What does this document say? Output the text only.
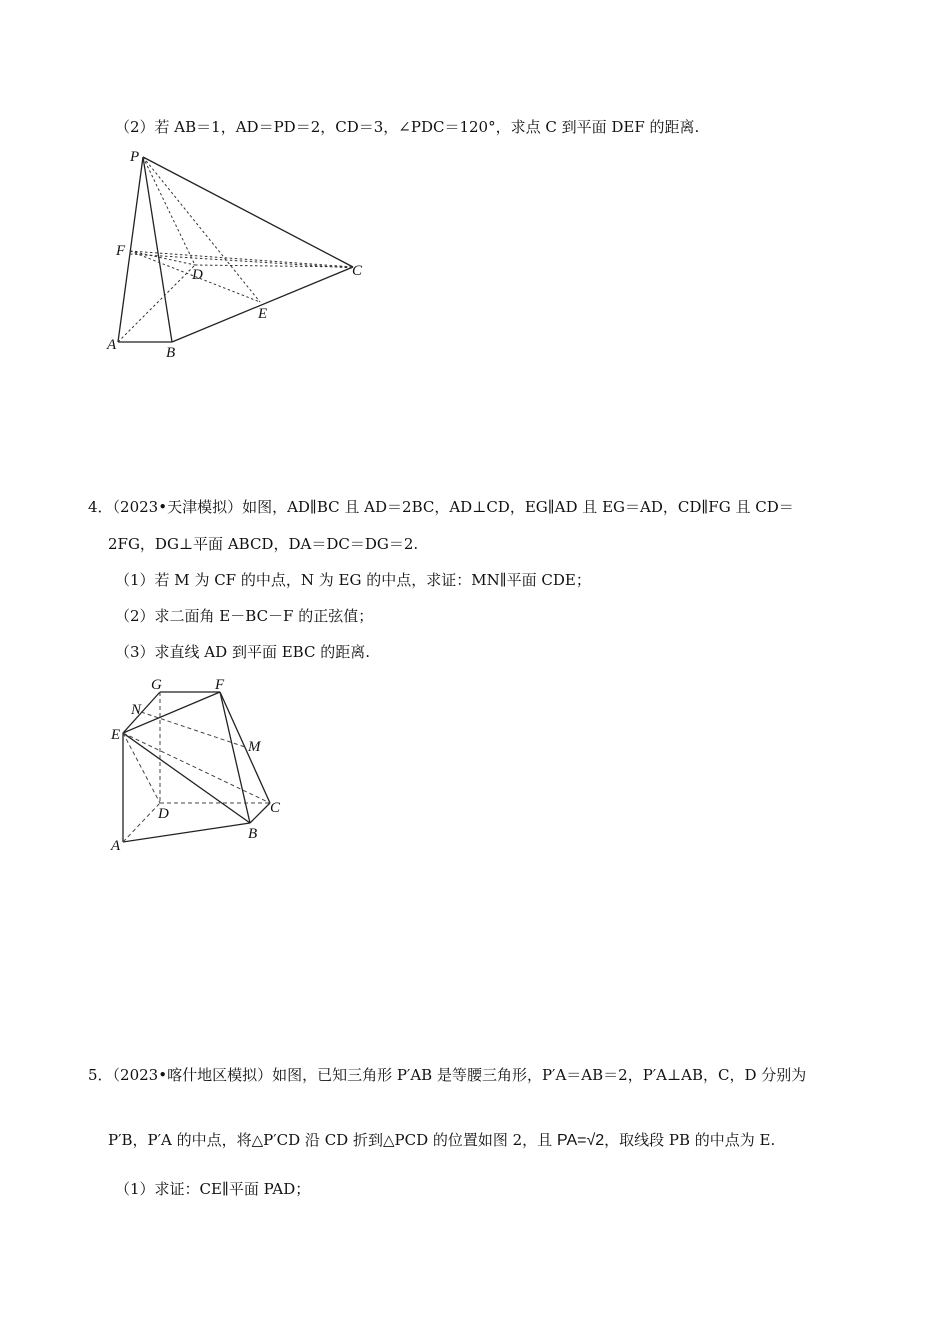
（2）若 AB＝1，AD＝PD＝2，CD＝3，∠PDC＝120°，求点 C 到平面 DEF 的距离.
P
F
D	C
E
A	B
4．（2023•天津模拟）如图，AD∥BC 且 AD＝2BC，AD⊥CD，EG∥AD 且 EG＝AD，CD∥FG 且 CD＝
2FG，DG⊥平面 ABCD，DA＝DC＝DG＝2.
（1）若 M 为 CF 的中点，N 为 EG 的中点，求证：MN∥平面 CDE；
（2）求二面角 E－BC－F 的正弦值；
（3）求直线 AD 到平面 EBC 的距离.
G	F
N
E
M
D	C
B
A
5．（2023•喀什地区模拟）如图，已知三角形 P′AB 是等腰三角形，P′A＝AB＝2，P′A⊥AB，C，D 分别为
P′B，P′A 的中点，将△P′CD 沿 CD 折到△PCD 的位置如图 2，且 PA=√2，取线段 PB 的中点为 E.
（1）求证：CE∥平面 PAD；
